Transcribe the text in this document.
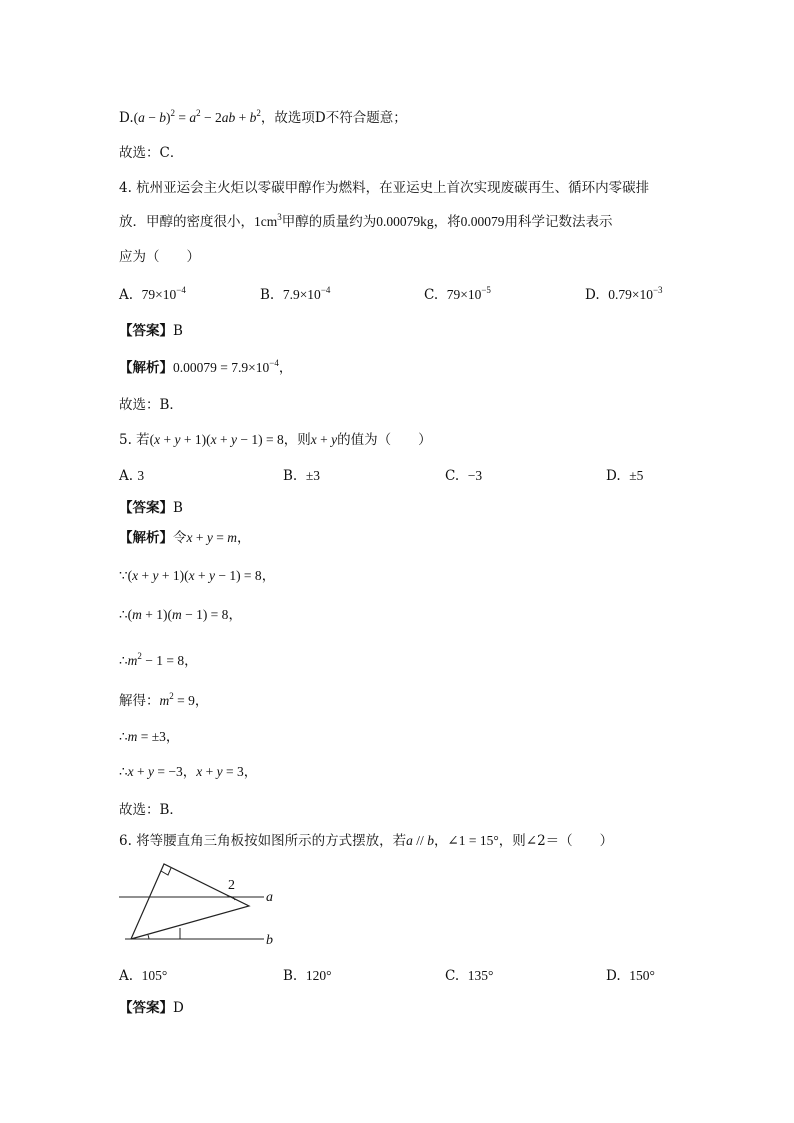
$D.(a - b)^2 = a^2 - 2ab + b^2$，故选项D不符合题意；
故选：C．
4. 杭州亚运会主火炬以零碳甲醇作为燃料，在亚运史上首次实现废碳再生、循环内零碳排
放．甲醇的密度很小，$1cm^3$甲醇的质量约为0.00079kg，将0.00079用科学记数法表示
应为（　　）
A. $79\times 10^{-4}$	B. $7.9\times 10^{-4}$	C. $79\times 10^{-5}$	D. $0.79\times 10^{-3}$
【答案】B
【解析】$0.00079 = 7.9\times 10^{-4}$，
故选：B．
5. 若(x + y + 1)(x + y − 1) = 8，则x + y的值为（　　）
A. 3	B. ±3	C. −3	D. ±5
【答案】B
【解析】令x + y = m，
∵(x + y + 1)(x + y − 1) = 8，
∴(m + 1)(m − 1) = 8，
$\therefore m^2 - 1 = 8$，
解得：$m^2 = 9$，
∴m = ±3，
∴x + y = −3，x + y = 3，
故选：B．
6. 将等腰直角三角板按如图所示的方式摆放，若a // b，∠1 = 15°，则∠2＝（　　）
2
a
b
A. 105°	B. 120°	C. 135°	D. 150°
【答案】D
